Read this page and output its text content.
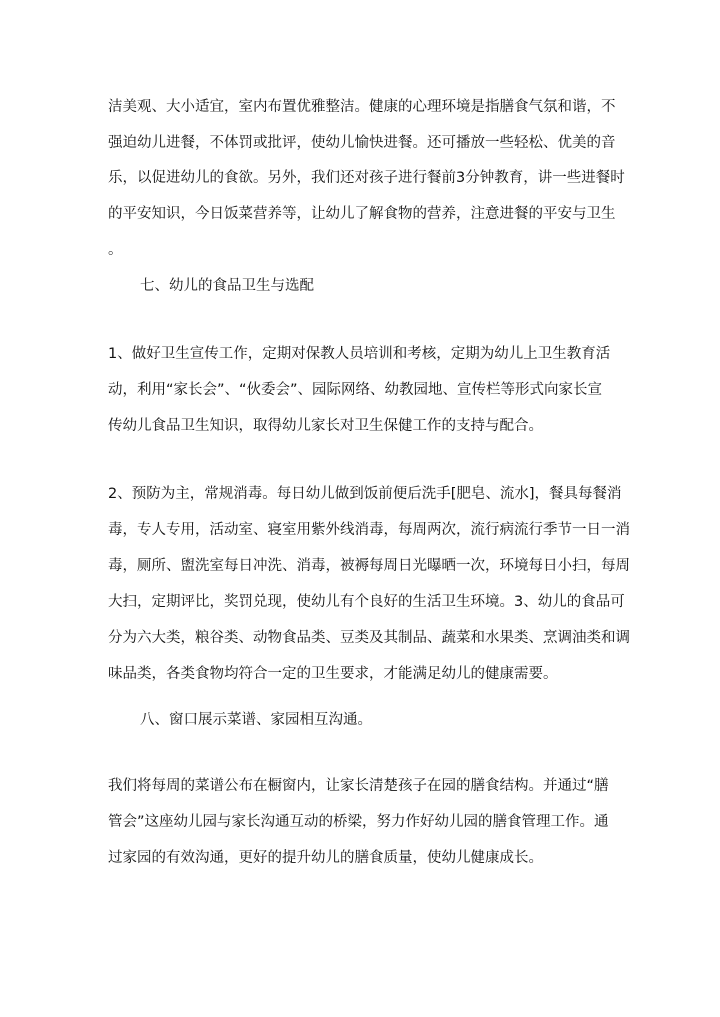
洁美观、大小适宜，室内布置优雅整洁。健康的心理环境是指膳食气氛和谐，不
强迫幼儿进餐，不体罚或批评，使幼儿愉快进餐。还可播放一些轻松、优美的音
乐，以促进幼儿的食欲。另外，我们还对孩子进行餐前3分钟教育，讲一些进餐时
的平安知识，今日饭菜营养等，让幼儿了解食物的营养，注意进餐的平安与卫生
。
七、幼儿的食品卫生与选配
1、做好卫生宣传工作，定期对保教人员培训和考核，定期为幼儿上卫生教育活
动，利用“家长会”、“伙委会”、园际网络、幼教园地、宣传栏等形式向家长宣
传幼儿食品卫生知识，取得幼儿家长对卫生保健工作的支持与配合。
2、预防为主，常规消毒。每日幼儿做到饭前便后洗手[肥皂、流水]，餐具每餐消
毒，专人专用，活动室、寝室用紫外线消毒，每周两次，流行病流行季节一日一消
毒，厕所、盥洗室每日冲洗、消毒，被褥每周日光曝晒一次，环境每日小扫，每周
大扫，定期评比，奖罚兑现，使幼儿有个良好的生活卫生环境。3、幼儿的食品可
分为六大类，粮谷类、动物食品类、豆类及其制品、蔬菜和水果类、烹调油类和调
味品类，各类食物均符合一定的卫生要求，才能满足幼儿的健康需要。
八、窗口展示菜谱、家园相互沟通。
我们将每周的菜谱公布在橱窗内，让家长清楚孩子在园的膳食结构。并通过“膳
管会”这座幼儿园与家长沟通互动的桥梁，努力作好幼儿园的膳食管理工作。通
过家园的有效沟通，更好的提升幼儿的膳食质量，使幼儿健康成长。
